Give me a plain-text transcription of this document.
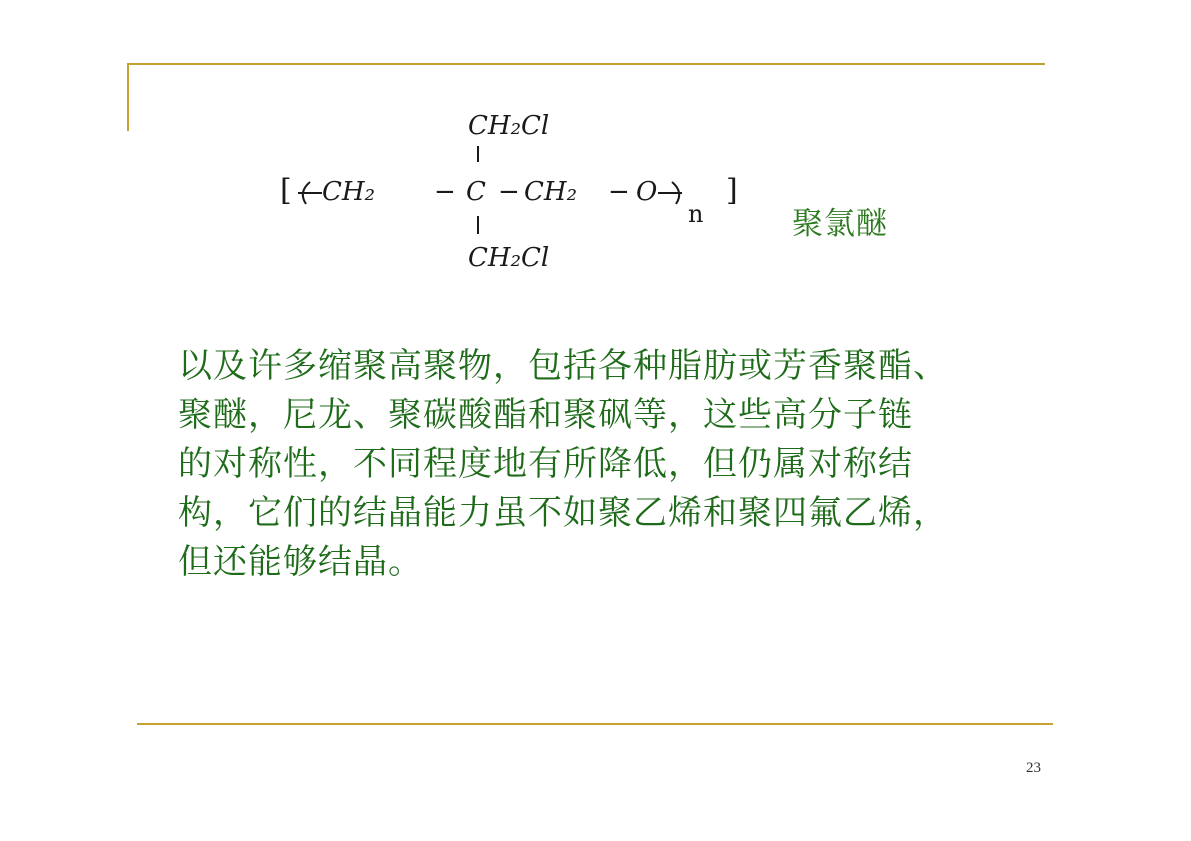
CH₂Cl
[ CH₂ − C − CH₂ − O
n
]
CH₂Cl
聚氯醚
以及许多缩聚高聚物，包括各种脂肪或芳香聚酯、
聚醚，尼龙、聚碳酸酯和聚砜等，这些高分子链
的对称性，不同程度地有所降低，但仍属对称结
构，它们的结晶能力虽不如聚乙烯和聚四氟乙烯，
但还能够结晶。
23
